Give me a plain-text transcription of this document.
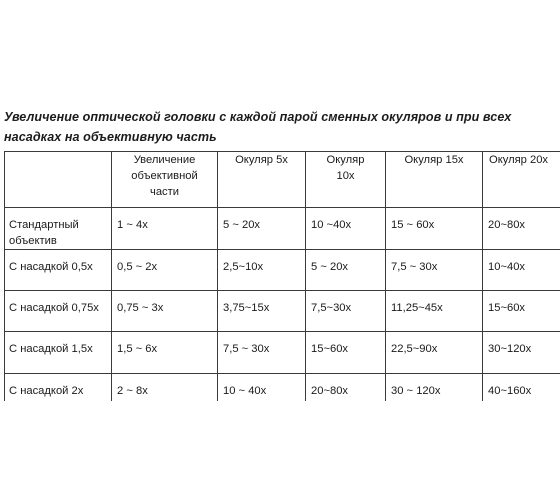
Увеличение оптической головки с каждой парой сменных окуляров и при всех насадках на объективную часть

	Увеличение объективной части	Окуляр 5x	Окуляр 10x	Окуляр 15x	Окуляр 20x

Стандартный объектив	1 ~ 4x	5 ~ 20x	10 ~40x	15 ~ 60x	20~80x

С насадкой 0,5x	0,5 ~ 2x	2,5~10x	5 ~ 20x	7,5 ~ 30x	10~40x

С насадкой 0,75x	0,75 ~ 3x	3,75~15x	7,5~30x	11,25~45x	15~60x

С насадкой 1,5x	1,5 ~ 6x	7,5 ~ 30x	15~60x	22,5~90x	30~120x

С насадкой 2x	2 ~ 8x	10 ~ 40x	20~80x	30 ~ 120x	40~160x
